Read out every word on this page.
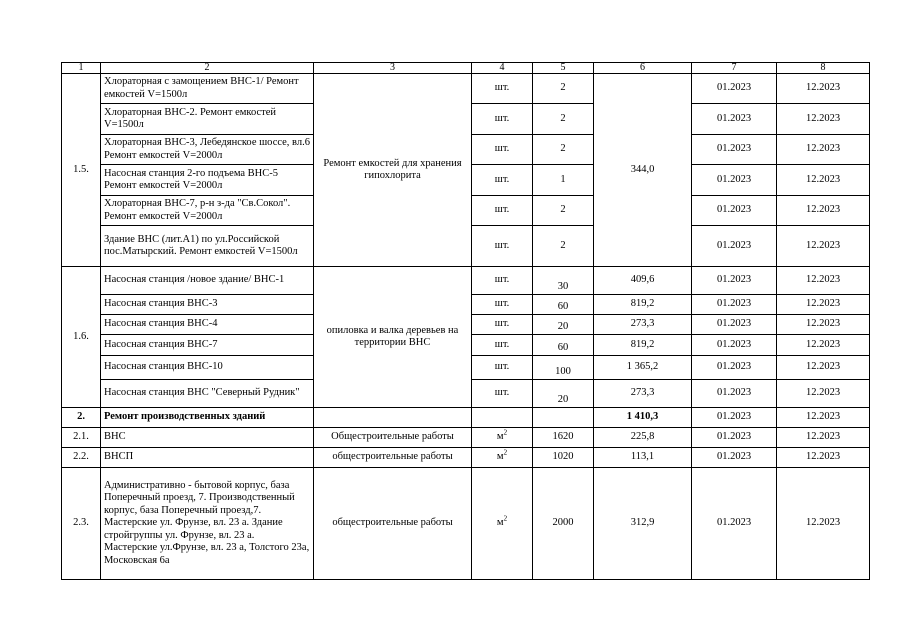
1	2	3	4	5	6	7	8
1.5.	Хлораторная с замощением ВНС-1/ Ремонт емкостей V=1500л	Ремонт емкостей для хранения гипохлорита	шт.	2	344,0	01.2023	12.2023
	Хлораторная ВНС-2. Ремонт емкостей V=1500л		шт.	2		01.2023	12.2023
	Хлораторная ВНС-3, Лебедянское шоссе, вл.6 Ремонт емкостей V=2000л		шт.	2		01.2023	12.2023
	Насосная станция 2-го подъема ВНС-5 Ремонт емкостей V=2000л		шт.	1		01.2023	12.2023
	Хлораторная ВНС-7, р-н з-да "Св.Сокол". Ремонт емкостей V=2000л		шт.	2		01.2023	12.2023
	Здание ВНС (лит.А1) по ул.Российской пос.Матырский. Ремонт емкостей V=1500л		шт.	2		01.2023	12.2023
1.6.	Насосная станция /новое здание/ ВНС-1	опиловка и валка деревьев на территории ВНС	шт.	30	409,6	01.2023	12.2023
	Насосная станция ВНС-3		шт.	60	819,2	01.2023	12.2023
	Насосная станция ВНС-4		шт.	20	273,3	01.2023	12.2023
	Насосная станция ВНС-7		шт.	60	819,2	01.2023	12.2023
	Насосная станция ВНС-10		шт.	100	1 365,2	01.2023	12.2023
	Насосная станция ВНС "Северный Рудник"		шт.	20	273,3	01.2023	12.2023
2.	Ремонт производственных зданий				1 410,3	01.2023	12.2023
2.1.	ВНС	Общестроительные работы	$м^2$	1620	225,8	01.2023	12.2023
2.2.	ВНСП	общестроительные работы	$м^2$	1020	113,1	01.2023	12.2023
2.3.	Административно - бытовой корпус, база Поперечный проезд, 7. Производственный корпус, база Поперечный проезд,7. Мастерские ул. Фрунзе, вл. 23 а. Здание стройгруппы ул. Фрунзе, вл. 23 а. Мастерские ул.Фрунзе, вл. 23 а, Толстого 23а, Московская 6а	общестроительные работы	$м^2$	2000	312,9	01.2023	12.2023
